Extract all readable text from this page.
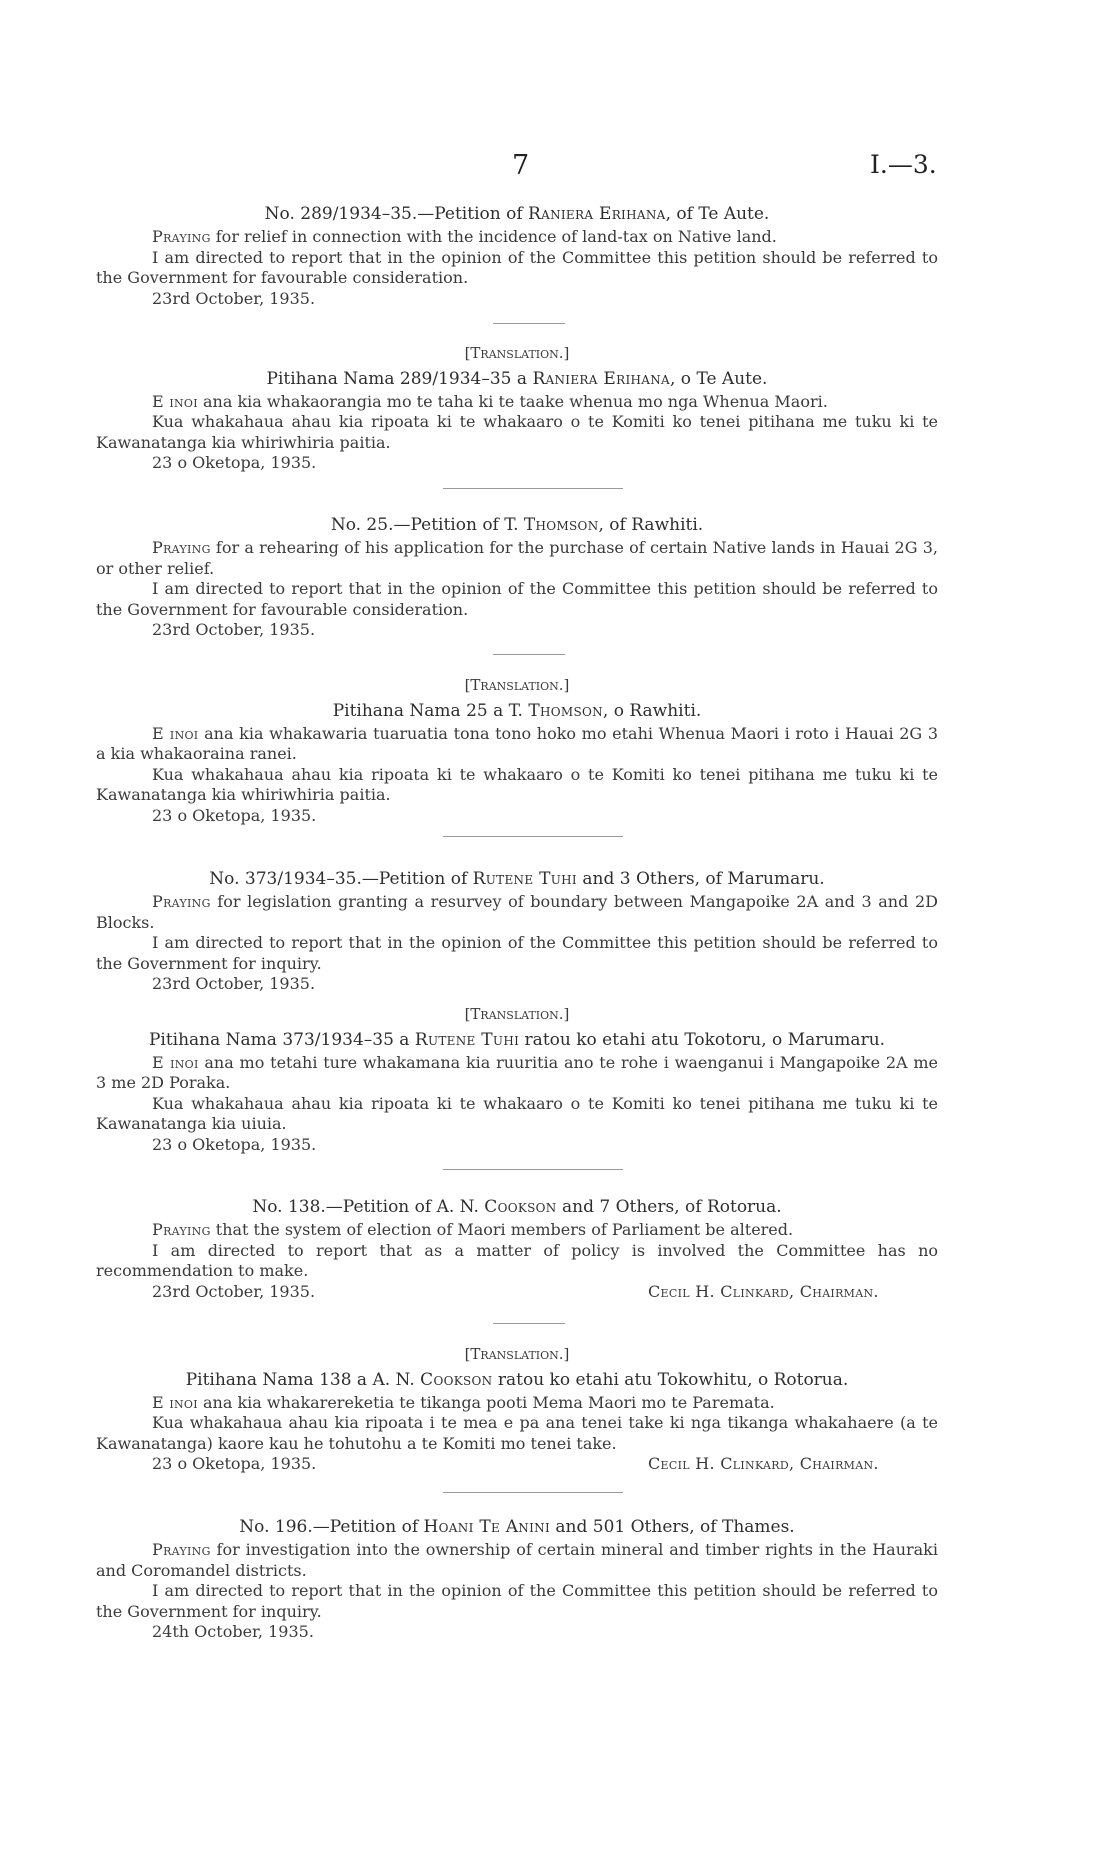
7	I.—3.
No. 289/1934–35.—Petition of Raniera Erihana, of Te Aute.

Praying for relief in connection with the incidence of land-tax on Native land.

I am directed to report that in the opinion of the Committee this petition should be referred to the Government for favourable consideration.

23rd October, 1935.

[Translation.]
Pitihana Nama 289/1934–35 a Raniera Erihana, o Te Aute.

E inoi ana kia whakaorangia mo te taha ki te taake whenua mo nga Whenua Maori.

Kua whakahaua ahau kia ripoata ki te whakaaro o te Komiti ko tenei pitihana me tuku ki te Kawanatanga kia whiriwhiria paitia.

23 o Oketopa, 1935.

No. 25.—Petition of T. Thomson, of Rawhiti.

Praying for a rehearing of his application for the purchase of certain Native lands in Hauai 2G 3, or other relief.

I am directed to report that in the opinion of the Committee this petition should be referred to the Government for favourable consideration.

23rd October, 1935.

[Translation.]
Pitihana Nama 25 a T. Thomson, o Rawhiti.

E inoi ana kia whakawaria tuaruatia tona tono hoko mo etahi Whenua Maori i roto i Hauai 2G 3 a kia whakaoraina ranei.

Kua whakahaua ahau kia ripoata ki te whakaaro o te Komiti ko tenei pitihana me tuku ki te Kawanatanga kia whiriwhiria paitia.

23 o Oketopa, 1935.

No. 373/1934–35.—Petition of Rutene Tuhi and 3 Others, of Marumaru.

Praying for legislation granting a resurvey of boundary between Mangapoike 2A and 3 and 2D Blocks.

I am directed to report that in the opinion of the Committee this petition should be referred to the Government for inquiry.

23rd October, 1935.

[Translation.]
Pitihana Nama 373/1934–35 a Rutene Tuhi ratou ko etahi atu Tokotoru, o Marumaru.

E inoi ana mo tetahi ture whakamana kia ruuritia ano te rohe i waenganui i Mangapoike 2A me 3 me 2D Poraka.

Kua whakahaua ahau kia ripoata ki te whakaaro o te Komiti ko tenei pitihana me tuku ki te Kawanatanga kia uiuia.

23 o Oketopa, 1935.

No. 138.—Petition of A. N. Cookson and 7 Others, of Rotorua.

Praying that the system of election of Maori members of Parliament be altered.

I am directed to report that as a matter of policy is involved the Committee has no recommendation to make.

23rd October, 1935.	Cecil H. Clinkard, Chairman.
[Translation.]
Pitihana Nama 138 a A. N. Cookson ratou ko etahi atu Tokowhitu, o Rotorua.

E inoi ana kia whakarereketia te tikanga pooti Mema Maori mo te Paremata.

Kua whakahaua ahau kia ripoata i te mea e pa ana tenei take ki nga tikanga whakahaere (a te Kawanatanga) kaore kau he tohutohu a te Komiti mo tenei take.

23 o Oketopa, 1935.	Cecil H. Clinkard, Chairman.
No. 196.—Petition of Hoani Te Anini and 501 Others, of Thames.

Praying for investigation into the ownership of certain mineral and timber rights in the Hauraki and Coromandel districts.

I am directed to report that in the opinion of the Committee this petition should be referred to the Government for inquiry.

24th October, 1935.
